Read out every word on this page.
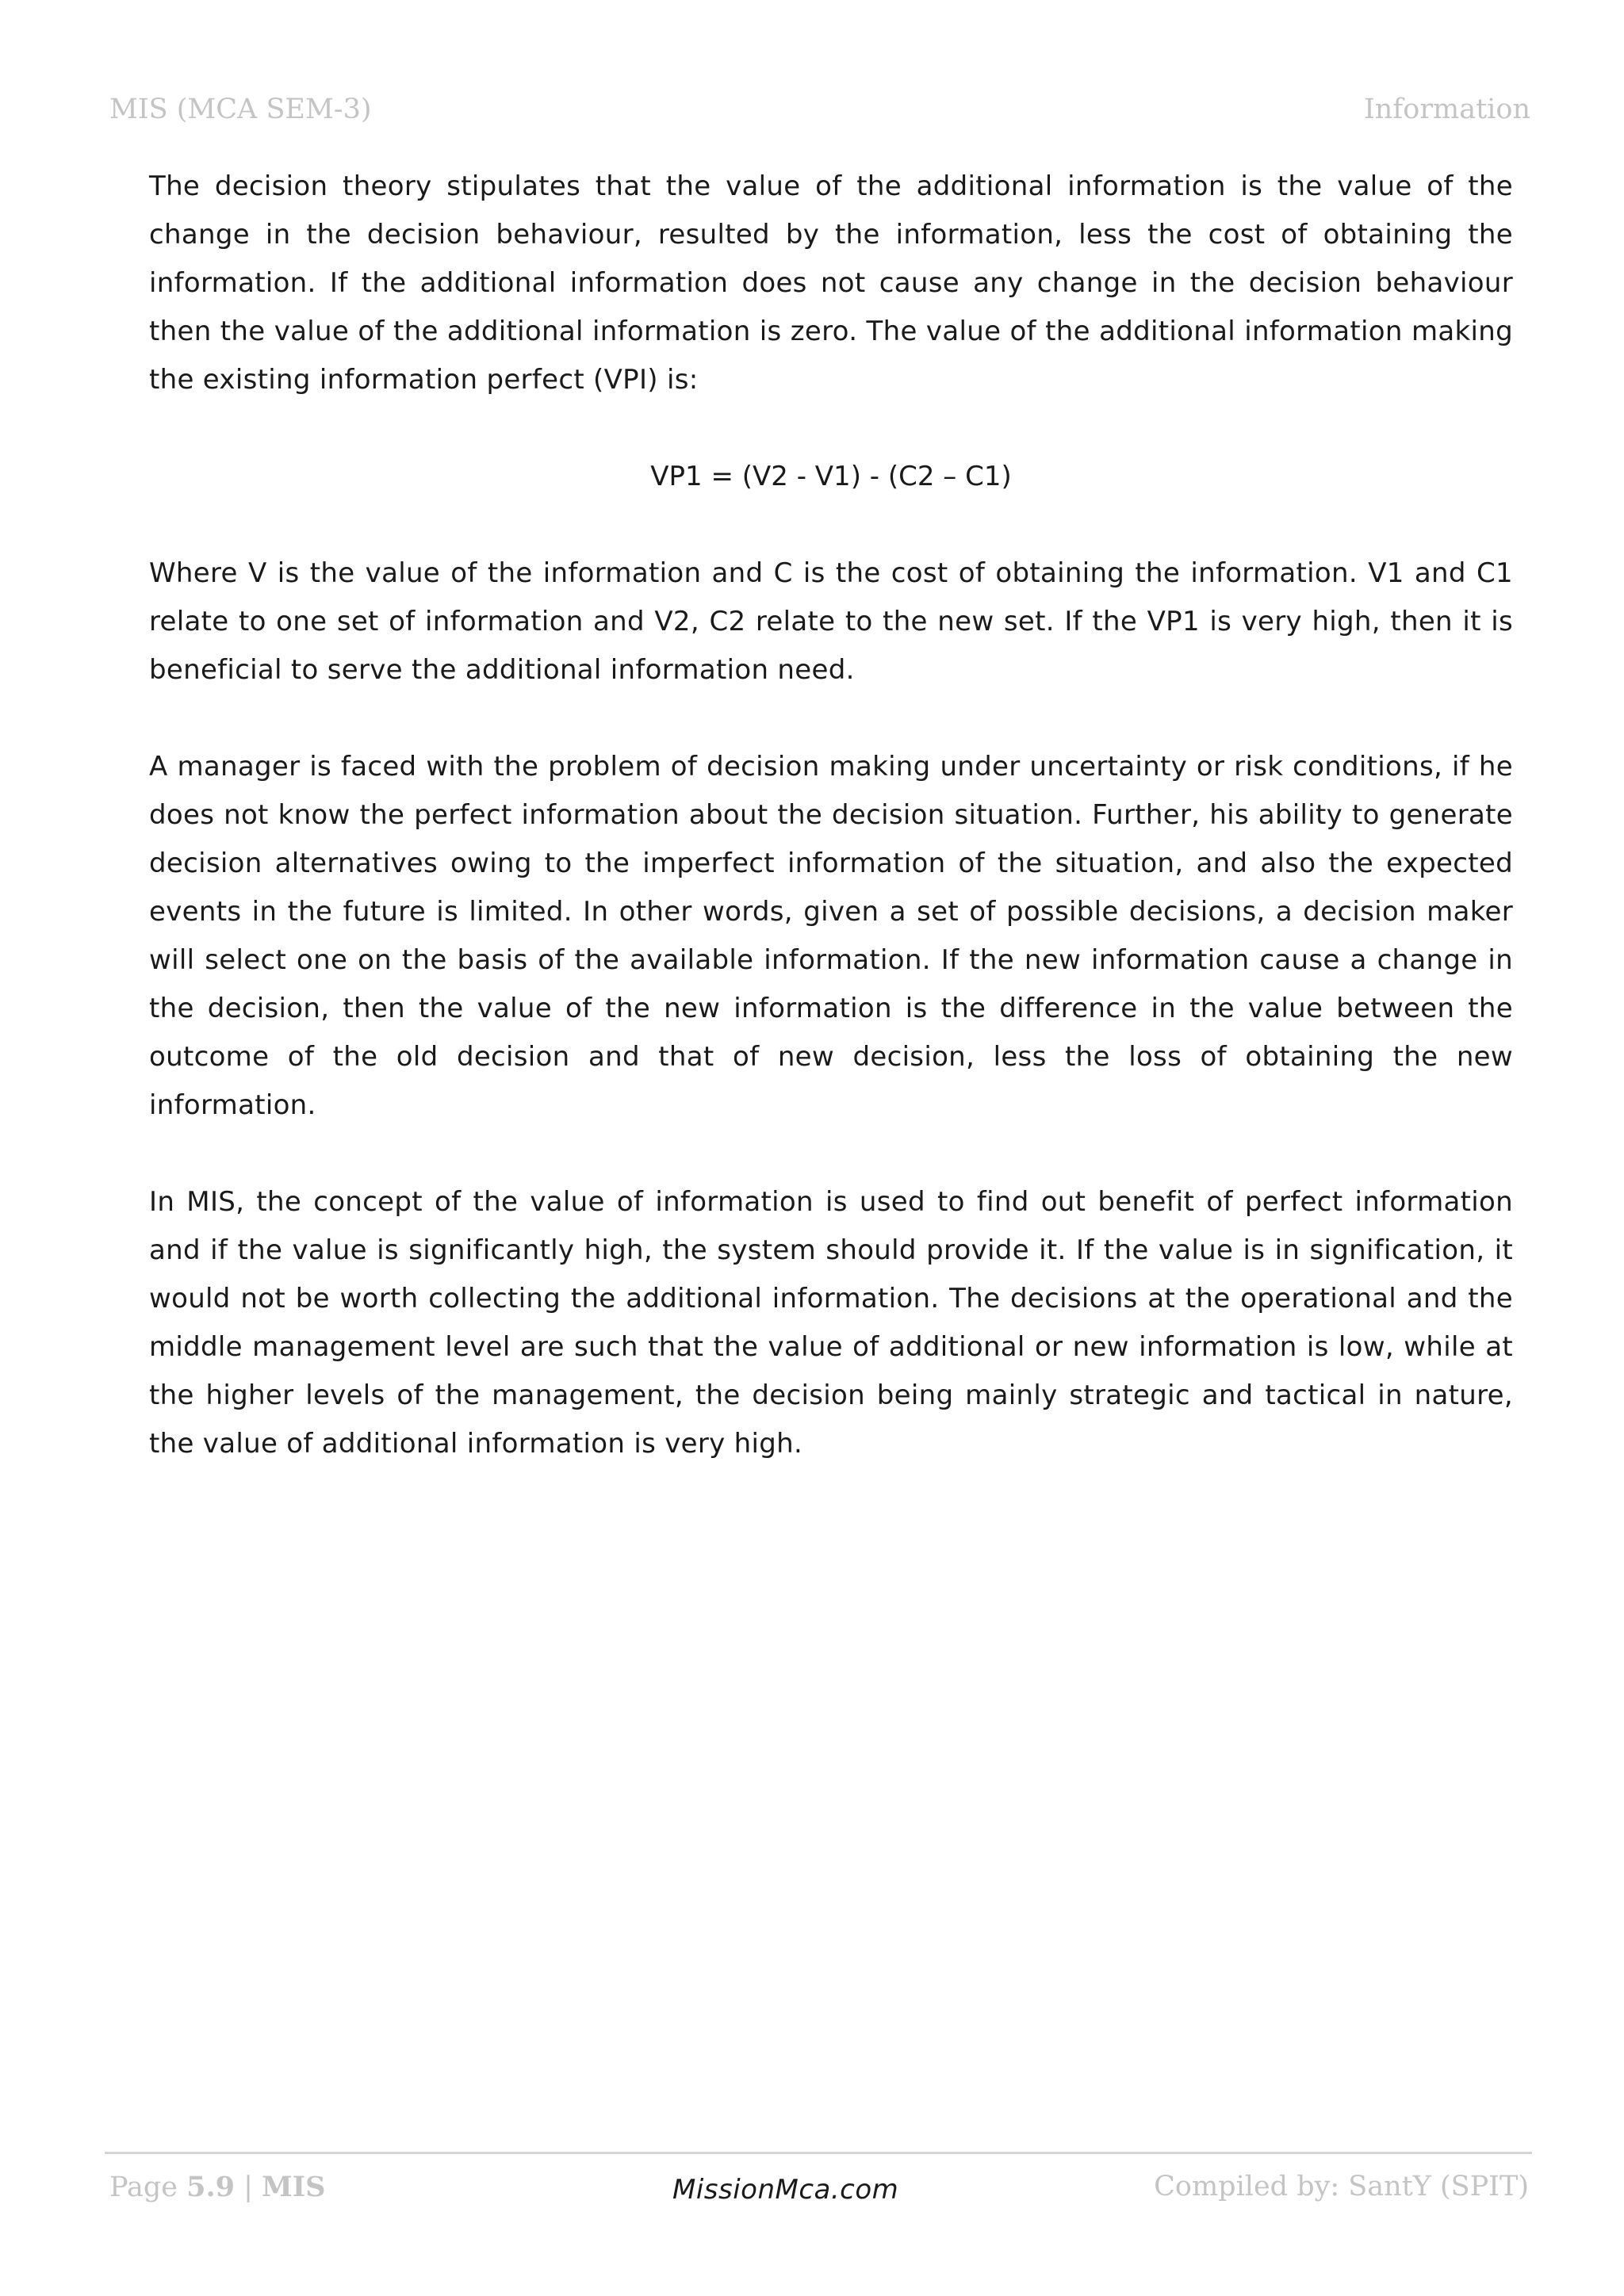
MIS (MCA SEM-3)	Information

The decision theory stipulates that the value of the additional information is the value of the change in the decision behaviour, resulted by the information, less the cost of obtaining the information. If the additional information does not cause any change in the decision behaviour then the value of the additional information is zero. The value of the additional information making the existing information perfect (VPI) is:

VP1 = (V2 - V1) - (C2 – C1)

Where V is the value of the information and C is the cost of obtaining the information. V1 and C1 relate to one set of information and V2, C2 relate to the new set. If the VP1 is very high, then it is beneficial to serve the additional information need.

A manager is faced with the problem of decision making under uncertainty or risk conditions, if he does not know the perfect information about the decision situation. Further, his ability to generate decision alternatives owing to the imperfect information of the situation, and also the expected events in the future is limited. In other words, given a set of possible decisions, a decision maker will select one on the basis of the available information. If the new information cause a change in the decision, then the value of the new information is the difference in the value between the outcome of the old decision and that of new decision, less the loss of obtaining the new information.

In MIS, the concept of the value of information is used to find out benefit of perfect information and if the value is significantly high, the system should provide it. If the value is in signification, it would not be worth collecting the additional information. The decisions at the operational and the middle management level are such that the value of additional or new information is low, while at the higher levels of the management, the decision being mainly strategic and tactical in nature, the value of additional information is very high.

Page 5.9 | MIS	MissionMca.com	Compiled by: SantY (SPIT)
